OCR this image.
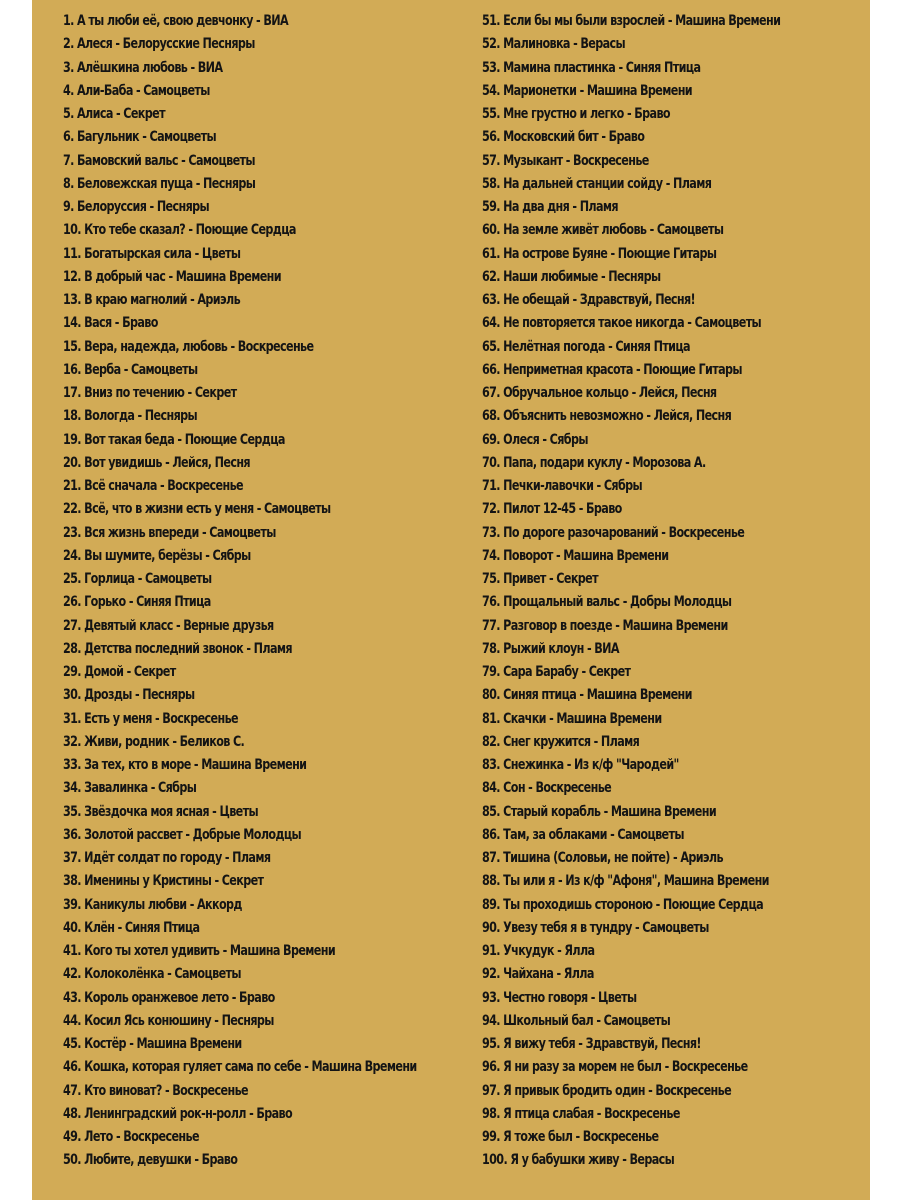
1. А ты люби её, свою девчонку - ВИА
2. Алеся - Белорусские Песняры
3. Алёшкина любовь - ВИА
4. Али-Баба - Самоцветы
5. Алиса - Секрет
6. Багульник - Самоцветы
7. Бамовский вальс - Самоцветы
8. Беловежская пуща - Песняры
9. Белоруссия - Песняры
10. Кто тебе сказал? - Поющие Сердца
11. Богатырская сила - Цветы
12. В добрый час - Машина Времени
13. В краю магнолий - Ариэль
14. Вася - Браво
15. Вера, надежда, любовь - Воскресенье
16. Верба - Самоцветы
17. Вниз по течению - Секрет
18. Вологда - Песняры
19. Вот такая беда - Поющие Сердца
20. Вот увидишь - Лейся, Песня
21. Всё сначала - Воскресенье
22. Всё, что в жизни есть у меня - Самоцветы
23. Вся жизнь впереди - Самоцветы
24. Вы шумите, берёзы - Сябры
25. Горлица - Самоцветы
26. Горько - Синяя Птица
27. Девятый класс - Верные друзья
28. Детства последний звонок - Пламя
29. Домой - Секрет
30. Дрозды - Песняры
31. Есть у меня - Воскресенье
32. Живи, родник - Беликов С.
33. За тех, кто в море - Машина Времени
34. Завалинка - Сябры
35. Звёздочка моя ясная - Цветы
36. Золотой рассвет - Добрые Молодцы
37. Идёт солдат по городу - Пламя
38. Именины у Кристины - Секрет
39. Каникулы любви - Аккорд
40. Клён - Синяя Птица
41. Кого ты хотел удивить - Машина Времени
42. Колоколёнка - Самоцветы
43. Король оранжевое лето - Браво
44. Косил Ясь конюшину - Песняры
45. Костёр - Машина Времени
46. Кошка, которая гуляет сама по себе - Машина Времени
47. Кто виноват? - Воскресенье
48. Ленинградский рок-н-ролл - Браво
49. Лето - Воскресенье
50. Любите, девушки - Браво
51. Если бы мы были взрослей - Машина Времени
52. Малиновка - Верасы
53. Мамина пластинка - Синяя Птица
54. Марионетки - Машина Времени
55. Мне грустно и легко - Браво
56. Московский бит - Браво
57. Музыкант - Воскресенье
58. На дальней станции сойду - Пламя
59. На два дня - Пламя
60. На земле живёт любовь - Самоцветы
61. На острове Буяне - Поющие Гитары
62. Наши любимые - Песняры
63. Не обещай - Здравствуй, Песня!
64. Не повторяется такое никогда - Самоцветы
65. Нелётная погода - Синяя Птица
66. Неприметная красота - Поющие Гитары
67. Обручальное кольцо - Лейся, Песня
68. Объяснить невозможно - Лейся, Песня
69. Олеся - Сябры
70. Папа, подари куклу - Морозова А.
71. Печки-лавочки - Сябры
72. Пилот 12-45 - Браво
73. По дороге разочарований - Воскресенье
74. Поворот - Машина Времени
75. Привет - Секрет
76. Прощальный вальс - Добры Молодцы
77. Разговор в поезде - Машина Времени
78. Рыжий клоун - ВИА
79. Сара Барабу - Секрет
80. Синяя птица - Машина Времени
81. Скачки - Машина Времени
82. Снег кружится - Пламя
83. Снежинка - Из к/ф "Чародей"
84. Сон - Воскресенье
85. Старый корабль - Машина Времени
86. Там, за облаками - Самоцветы
87. Тишина (Соловьи, не пойте) - Ариэль
88. Ты или я - Из к/ф "Афоня", Машина Времени
89. Ты проходишь стороною - Поющие Сердца
90. Увезу тебя я в тундру - Самоцветы
91. Учкудук - Ялла
92. Чайхана - Ялла
93. Честно говоря - Цветы
94. Школьный бал - Самоцветы
95. Я вижу тебя - Здравствуй, Песня!
96. Я ни разу за морем не был - Воскресенье
97. Я привык бродить один - Воскресенье
98. Я птица слабая - Воскресенье
99. Я тоже был - Воскресенье
100. Я у бабушки живу - Верасы
